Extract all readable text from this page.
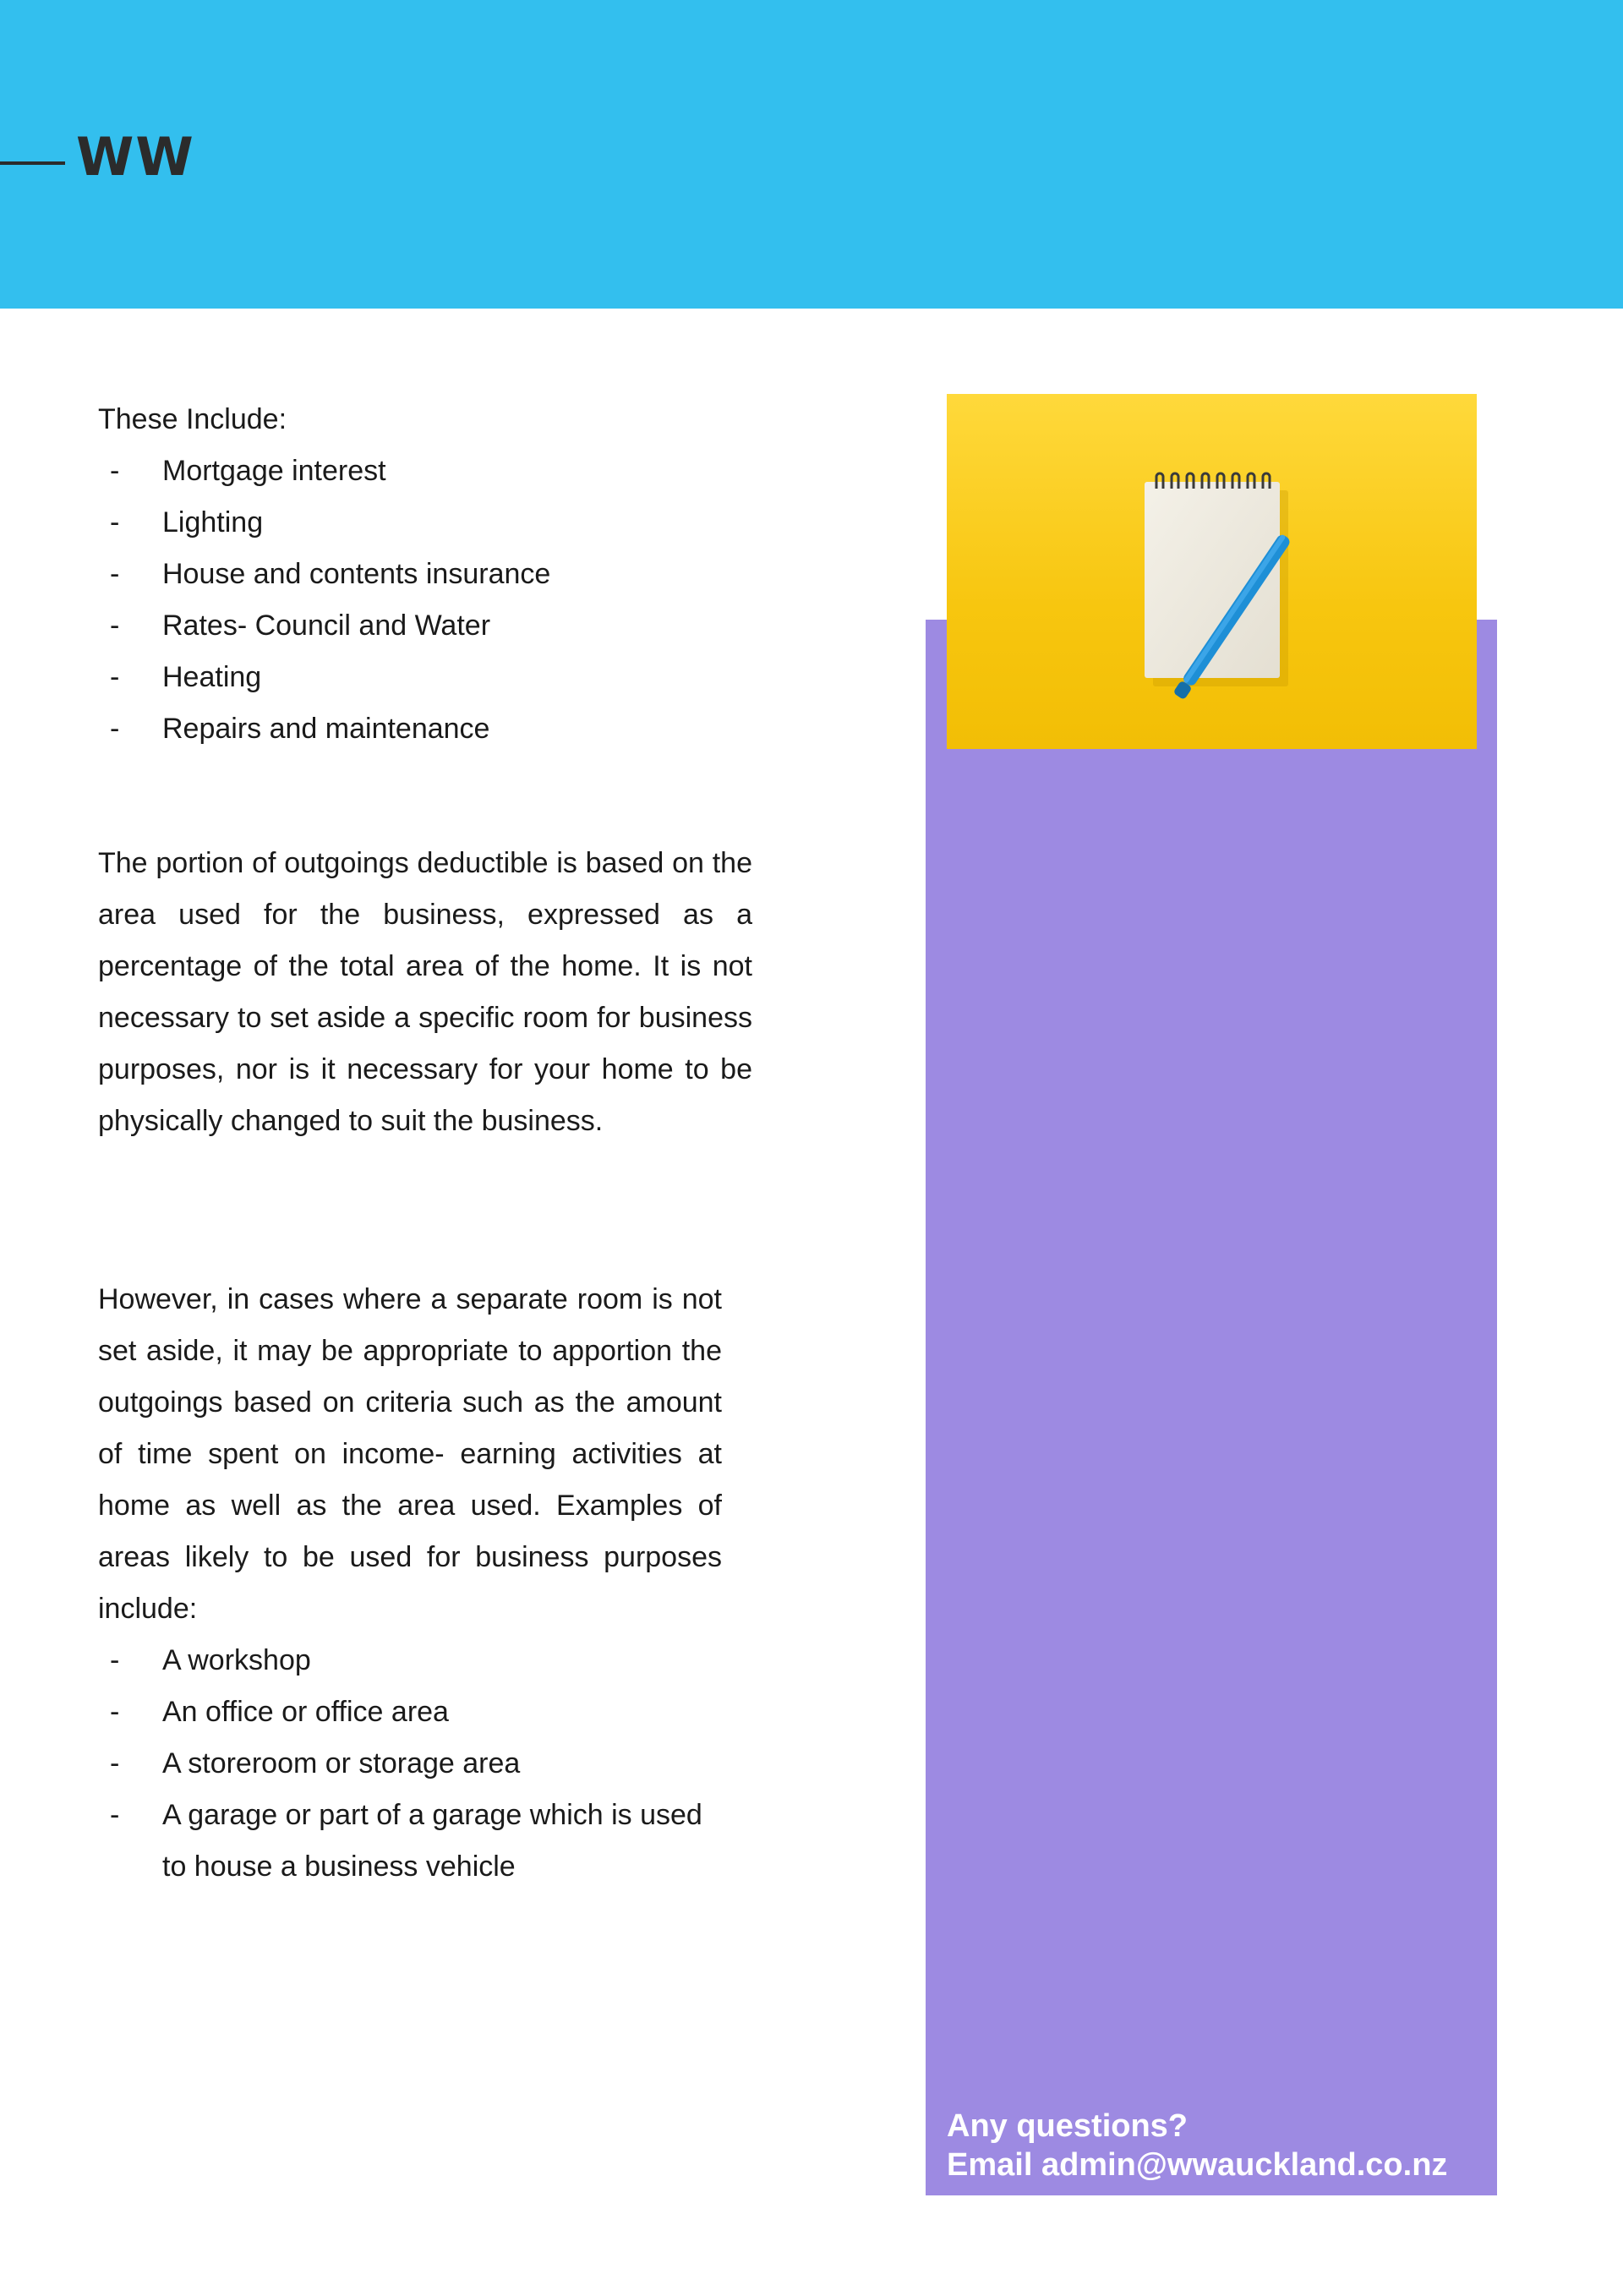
WW

These Include:

- Mortgage interest
- Lighting
- House and contents insurance
- Rates- Council and Water
- Heating
- Repairs and maintenance

The portion of outgoings deductible is based on the area used for the business, expressed as a percentage of the total area of the home. It is not necessary to set aside a specific room for business purposes, nor is it necessary for your home to be physically changed to suit the business.

However, in cases where a separate room is not set aside, it may be appropriate to apportion the outgoings based on criteria such as the amount of time spent on income- earning activities at home as well as the area used. Examples of areas likely to be used for business purposes include:

- A workshop
- An office or office area
- A storeroom or storage area
- A garage or part of a garage which is used to house a business vehicle
Any questions?
Email admin@wwauckland.co.nz
